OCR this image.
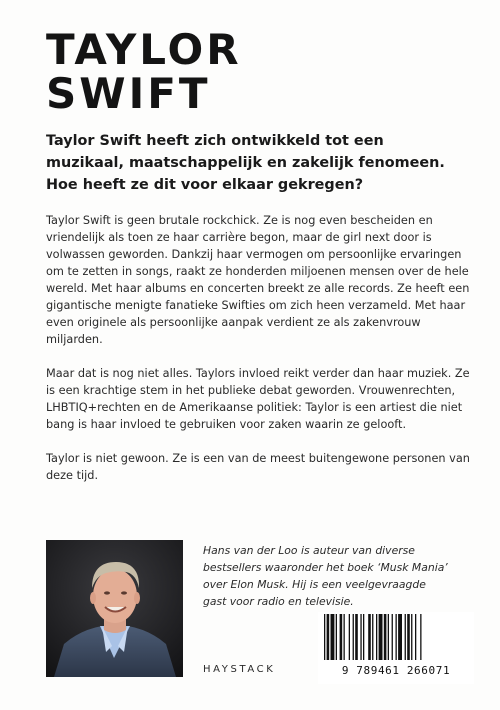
TAYLOR
SWIFT

Taylor Swift heeft zich ontwikkeld tot een muzikaal, maatschappelijk en zakelijk fenomeen. Hoe heeft ze dit voor elkaar gekregen?

Taylor Swift is geen brutale rockchick. Ze is nog even bescheiden en vriendelijk als toen ze haar carrière begon, maar de girl next door is volwassen geworden. Dankzij haar vermogen om persoonlijke ervaringen om te zetten in songs, raakt ze honderden miljoenen mensen over de hele wereld. Met haar albums en concerten breekt ze alle records. Ze heeft een gigantische menigte fanatieke Swifties om zich heen verzameld. Met haar even originele als persoonlijke aanpak verdient ze als zakenvrouw miljarden.

Maar dat is nog niet alles. Taylors invloed reikt verder dan haar muziek. Ze is een krachtige stem in het publieke debat geworden. Vrouwenrechten, LHBTIQ+rechten en de Amerikaanse politiek: Taylor is een artiest die niet bang is haar invloed te gebruiken voor zaken waarin ze gelooft.

Taylor is niet gewoon. Ze is een van de meest buitengewone personen van deze tijd.

Hans van der Loo is auteur van diverse bestsellers waaronder het boek ‘Musk Mania’ over Elon Musk. Hij is een veelgevraagde gast voor radio en televisie.

HAYSTACK	9 789461 266071
